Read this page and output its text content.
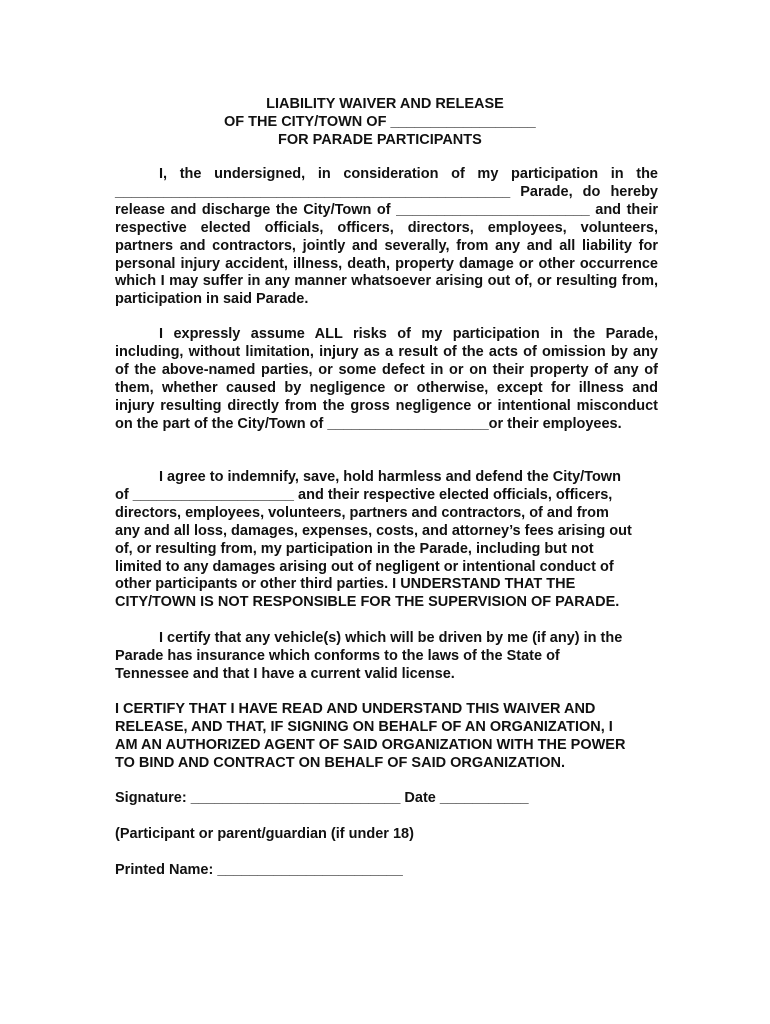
LIABILITY WAIVER AND RELEASE
OF THE CITY/TOWN OF __________________
FOR PARADE PARTICIPANTS
I, the undersigned, in consideration of my participation in the _________________________________________________ Parade, do hereby release and discharge the City/Town of ________________________ and their respective elected officials, officers, directors, employees, volunteers, partners and contractors, jointly and severally, from any and all liability for personal injury accident, illness, death, property damage or other occurrence which I may suffer in any manner whatsoever arising out of, or resulting from, participation in said Parade.
I expressly assume ALL risks of my participation in the Parade, including, without limitation, injury as a result of the acts of omission by any of the above-named parties, or some defect in or on their property of any of them, whether caused by negligence or otherwise, except for illness and injury resulting directly from the gross negligence or intentional misconduct on the part of the City/Town of ____________________or their employees.
I agree to indemnify, save, hold harmless and defend the City/Town
of ____________________ and their respective elected officials, officers,
directors, employees, volunteers, partners and contractors, of and from
any and all loss, damages, expenses, costs, and attorney’s fees arising out
of, or resulting from, my participation in the Parade, including but not
limited to any damages arising out of negligent or intentional conduct of
other participants or other third parties. I UNDERSTAND THAT THE
CITY/TOWN IS NOT RESPONSIBLE FOR THE SUPERVISION OF PARADE.
I certify that any vehicle(s) which will be driven by me (if any) in the
Parade has insurance which conforms to the laws of the State of
Tennessee and that I have a current valid license.
I CERTIFY THAT I HAVE READ AND UNDERSTAND THIS WAIVER AND
RELEASE, AND THAT, IF SIGNING ON BEHALF OF AN ORGANIZATION, I
AM AN AUTHORIZED AGENT OF SAID ORGANIZATION WITH THE POWER
TO BIND AND CONTRACT ON BEHALF OF SAID ORGANIZATION.
Signature: __________________________ Date ___________
(Participant or parent/guardian (if under 18)
Printed Name: _______________________
